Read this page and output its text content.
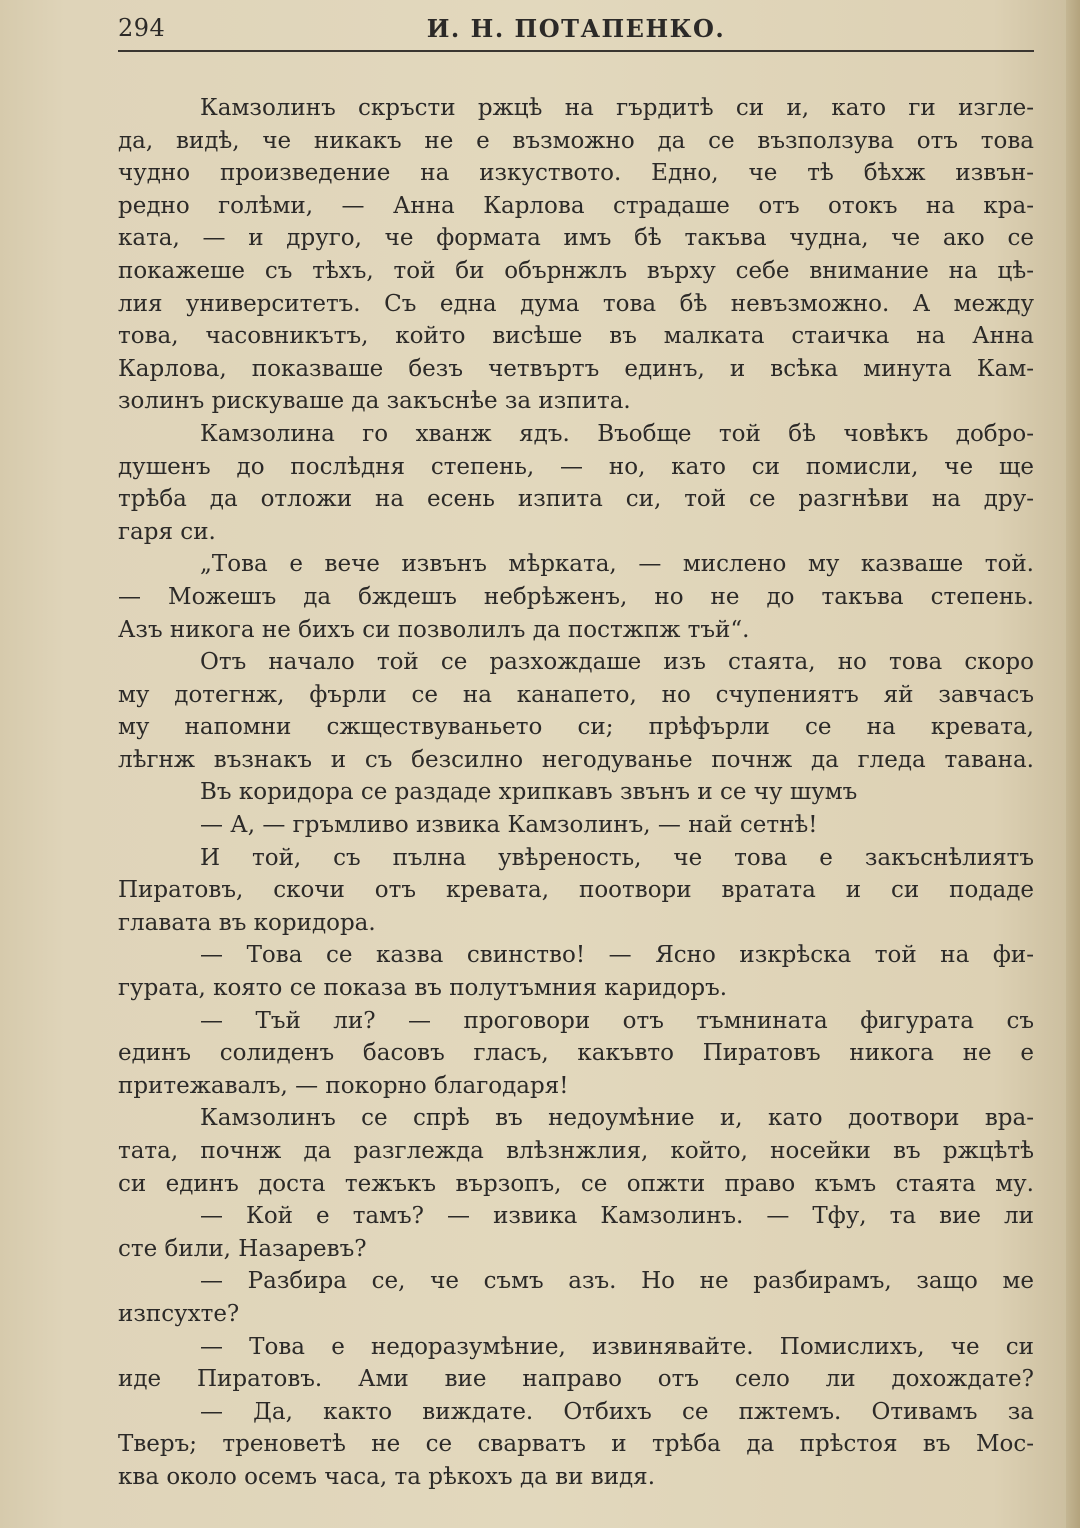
294	И. Н. ПОТАПЕНКО.
Камзолинъ скръсти ржцѣ на гърдитѣ си и, като ги изгле-
да, видѣ, че никакъ не е възможно да се възползува отъ това
чудно произведение на изкуството. Едно, че тѣ бѣхж извън-
редно голѣми, — Анна Карлова страдаше отъ отокъ на кра-
ката, — и друго, че формата имъ бѣ такъва чудна, че ако се
покажеше съ тѣхъ, той би обърнжлъ върху себе внимание на цѣ-
лия университетъ. Съ една дума това бѣ невъзможно. А между
това, часовникътъ, който висѣше въ малката стаичка на Анна
Карлова, показваше безъ четвъртъ единъ, и всѣка минута Кам-
золинъ рискуваше да закъснѣе за изпита.
Камзолина го хванж ядъ. Въобще той бѣ човѣкъ добро-
душенъ до послѣдня степень, — но, като си помисли, че ще
трѣба да отложи на есень изпита си, той се разгнѣви на дру-
гаря си.
„Това е вече извънъ мѣрката, — мислено му казваше той.
— Можешъ да бждешъ небрѣженъ, но не до такъва степень.
Азъ никога не бихъ си позволилъ да постжпж тъй“.
Отъ начало той се разхождаше изъ стаята, но това скоро
му дотегнж, фърли се на канапето, но счупениятъ яй завчасъ
му напомни сжществуваньето си; прѣфърли се на кревата,
лѣгнж възнакъ и съ безсилно негодуванье почнж да гледа тавана.
Въ коридора се раздаде хрипкавъ звънъ и се чу шумъ
— А, — гръмливо извика Камзолинъ, — най сетнѣ!
И той, съ пълна увѣреность, че това е закъснѣлиятъ
Пиратовъ, скочи отъ кревата, поотвори вратата и си подаде
главата въ коридора.
— Това се казва свинство! — Ясно изкрѣска той на фи-
гурата, която се показа въ полутъмния каридоръ.
— Тъй ли? — проговори отъ тъмнината фигурата съ
единъ солиденъ басовъ гласъ, какъвто Пиратовъ никога не е
притежавалъ, — покорно благодаря!
Камзолинъ се спрѣ въ недоумѣние и, като доотвори вра-
тата, почнж да разглежда влѣзнжлия, който, носейки въ ржцѣтѣ
си единъ доста тежъкъ вързопъ, се опжти право къмъ стаята му.
— Кой е тамъ? — извика Камзолинъ. — Тфу, та вие ли
сте били, Назаревъ?
— Разбира се, че съмъ азъ. Но не разбирамъ, защо ме
изпсухте?
— Това е недоразумѣние, извинявайте. Помислихъ, че си
иде Пиратовъ. Ами вие направо отъ село ли дохождате?
— Да, както виждате. Отбихъ се пжтемъ. Отивамъ за
Тверъ; треноветѣ не се сварватъ и трѣба да прѣстоя въ Мос-
ква около осемъ часа, та рѣкохъ да ви видя.
